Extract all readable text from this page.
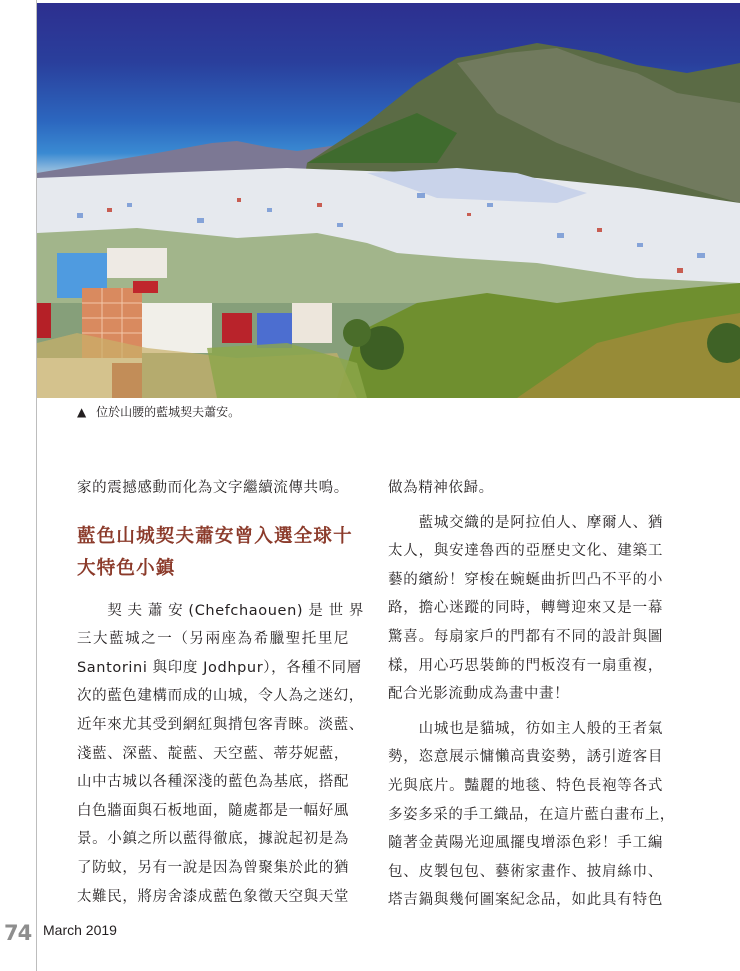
▲ 位於山腰的藍城契夫蕭安。
家的震撼感動而化為文字繼續流傳共鳴。
藍色山城契夫蕭安曾入選全球十
大特色小鎮
　　契 夫 蕭 安 (Chefchaouen) 是 世 界
三大藍城之一（另兩座為希臘聖托里尼
Santorini 與印度 Jodhpur），各種不同層
次的藍色建構而成的山城，令人為之迷幻，
近年來尤其受到網紅與揹包客青睞。淡藍、
淺藍、深藍、靛藍、天空藍、蒂芬妮藍，
山中古城以各種深淺的藍色為基底，搭配
白色牆面與石板地面，隨處都是一幅好風
景。小鎮之所以藍得徹底，據說起初是為
了防蚊，另有一說是因為曾聚集於此的猶
太難民，將房舍漆成藍色象徵天空與天堂
做為精神依歸。
　　藍城交織的是阿拉伯人、摩爾人、猶
太人，與安達魯西的亞歷史文化、建築工
藝的繽紛！穿梭在蜿蜒曲折凹凸不平的小
路，擔心迷蹤的同時，轉彎迎來又是一幕
驚喜。每扇家戶的門都有不同的設計與圖
樣，用心巧思裝飾的門板沒有一扇重複，
配合光影流動成為畫中畫！
　　山城也是貓城，彷如主人般的王者氣
勢，恣意展示慵懶高貴姿勢，誘引遊客目
光與底片。豔麗的地毯、特色長袍等各式
多姿多采的手工織品，在這片藍白畫布上，
隨著金黃陽光迎風擺曳增添色彩！手工編
包、皮製包包、藝術家畫作、披肩絲巾、
塔吉鍋與幾何圖案紀念品，如此具有特色
74 March 2019
